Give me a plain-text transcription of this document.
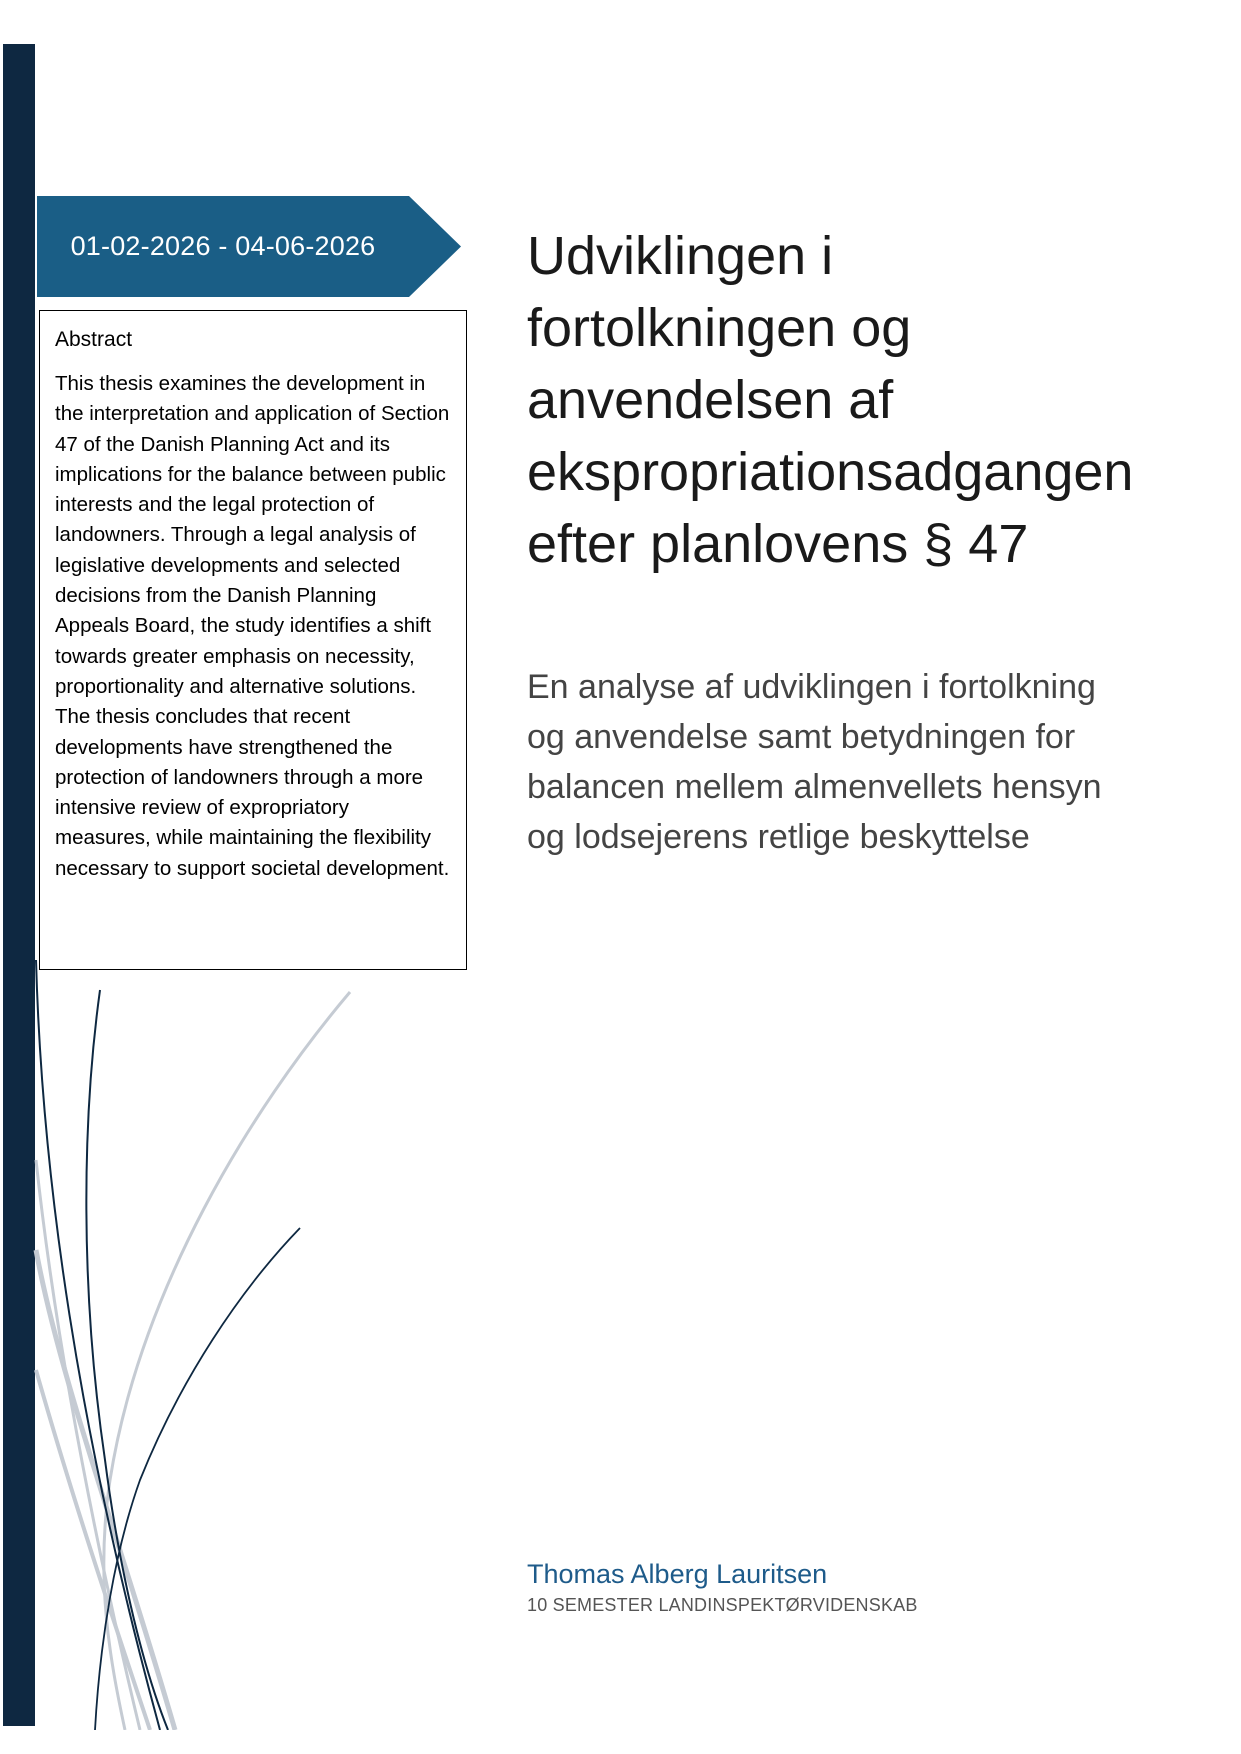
01-02-2026 - 04-06-2026
Abstract

This thesis examines the development in the interpretation and application of Section 47 of the Danish Planning Act and its implications for the balance between public interests and the legal protection of landowners. Through a legal analysis of legislative developments and selected decisions from the Danish Planning Appeals Board, the study identifies a shift towards greater emphasis on necessity, proportionality and alternative solutions. The thesis concludes that recent developments have strengthened the protection of landowners through a more intensive review of expropriatory measures, while maintaining the flexibility necessary to support societal development.

Udviklingen i fortolkningen og anvendelsen af ekspropriationsadgangen efter planlovens § 47
En analyse af udviklingen i fortolkning og anvendelse samt betydningen for balancen mellem almenvellets hensyn og lodsejerens retlige beskyttelse
Thomas Alberg Lauritsen
10 SEMESTER LANDINSPEKTØRVIDENSKAB
